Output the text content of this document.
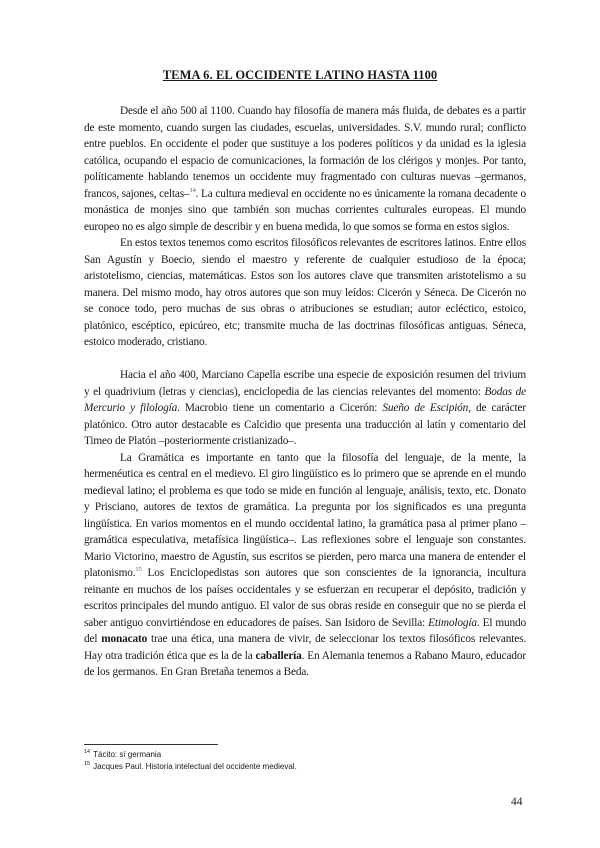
TEMA 6. EL OCCIDENTE LATINO HASTA 1100

Desde el año 500 al 1100. Cuando hay filosofía de manera más fluida, de debates es a partir de este momento, cuando surgen las ciudades, escuelas, universidades. S.V. mundo rural; conflicto entre pueblos. En occidente el poder que sustituye a los poderes políticos y da unidad es la iglesia católica, ocupando el espacio de comunicaciones, la formación de los clérigos y monjes. Por tanto, políticamente hablando tenemos un occidente muy fragmentado con culturas nuevas –germanos, francos, sajones, celtas–$^{14}$. La cultura medieval en occidente no es únicamente la romana decadente o monástica de monjes sino que también son muchas corrientes culturales europeas. El mundo europeo no es algo simple de describir y en buena medida, lo que somos se forma en estos siglos.

En estos textos tenemos como escritos filosóficos relevantes de escritores latinos. Entre ellos San Agustín y Boecio, siendo el maestro y referente de cualquier estudioso de la época; aristotelismo, ciencias, matemáticas. Estos son los autores clave que transmiten aristotelismo a su manera. Del mismo modo, hay otros autores que son muy leídos: Cicerón y Séneca. De Cicerón no se conoce todo, pero muchas de sus obras o atribuciones se estudian; autor ecléctico, estoico, platónico, escéptico, epicúreo, etc; transmite mucha de las doctrinas filosóficas antiguas. Séneca, estoico moderado, cristiano.

Hacia el año 400, Marciano Capella escribe una especie de exposición resumen del trivium y el quadrivium (letras y ciencias), enciclopedia de las ciencias relevantes del momento: Bodas de Mercurio y filología. Macrobio tiene un comentario a Cicerón: Sueño de Escipión, de carácter platónico. Otro autor destacable es Calcidio que presenta una traducción al latín y comentario del Timeo de Platón –posteriormente cristianizado–.

La Gramática es importante en tanto que la filosofía del lenguaje, de la mente, la hermenéutica es central en el medievo. El giro lingüístico es lo primero que se aprende en el mundo medieval latino; el problema es que todo se mide en función al lenguaje, análisis, texto, etc. Donato y Prisciano, autores de textos de gramática. La pregunta por los significados es una pregunta lingüística. En varios momentos en el mundo occidental latino, la gramática pasa al primer plano –gramática especulativa, metafísica lingüística–. Las reflexiones sobre el lenguaje son constantes. Mario Victorino, maestro de Agustín, sus escritos se pierden, pero marca una manera de entender el platonismo.$^{15}$ Los Enciclopedistas son autores que son conscientes de la ignorancia, incultura reinante en muchos de los países occidentales y se esfuerzan en recuperar el depósito, tradición y escritos principales del mundo antiguo. El valor de sus obras reside en conseguir que no se pierda el saber antiguo convirtiéndose en educadores de países. San Isidoro de Sevilla: Etimología. El mundo del monacato trae una ética, una manera de vivir, de seleccionar los textos filosóficos relevantes. Hay otra tradición ética que es la de la caballería. En Alemania tenemos a Rabano Mauro, educador de los germanos. En Gran Bretaña tenemos a Beda.

$^{14}$ Tácito: sí germania
$^{15}$ Jacques Paul. Historia intelectual del occidente medieval.
44
